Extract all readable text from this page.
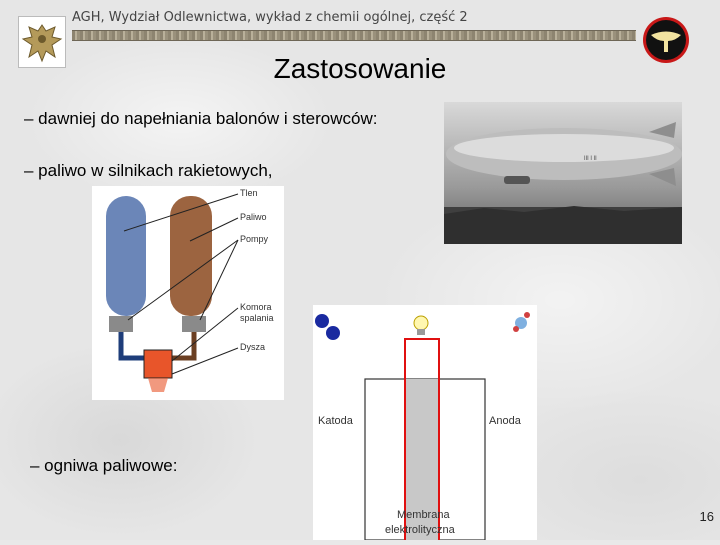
AGH, Wydział Odlewnictwa, wykład z chemii ogólnej, część 2
Zastosowanie
– dawniej do napełniania balonów i sterowców:
– paliwo w silnikach rakietowych,
– ogniwa paliwowe:
ǀǀǀ ǀ ǀǀ
Tlen
Paliwo
Pompy
Komora
spalania
Dysza
Katoda	Anoda
Membrana
elektrolityczna
16
